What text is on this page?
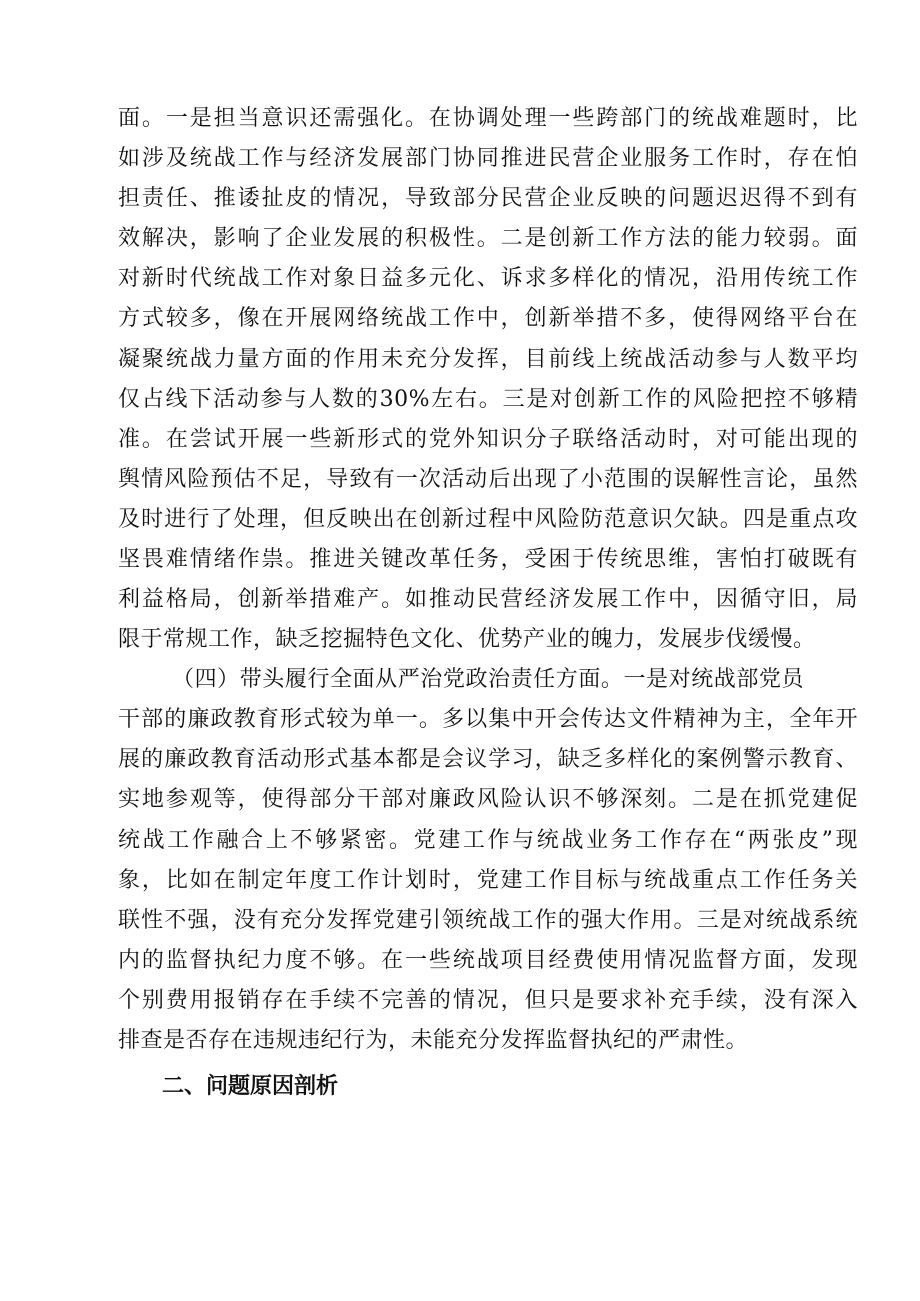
面。一是担当意识还需强化。在协调处理一些跨部门的统战难题时，比
如涉及统战工作与经济发展部门协同推进民营企业服务工作时，存在怕
担责任、推诿扯皮的情况，导致部分民营企业反映的问题迟迟得不到有
效解决，影响了企业发展的积极性。二是创新工作方法的能力较弱。面
对新时代统战工作对象日益多元化、诉求多样化的情况，沿用传统工作
方式较多，像在开展网络统战工作中，创新举措不多，使得网络平台在
凝聚统战力量方面的作用未充分发挥，目前线上统战活动参与人数平均
仅占线下活动参与人数的30%左右。三是对创新工作的风险把控不够精
准。在尝试开展一些新形式的党外知识分子联络活动时，对可能出现的
舆情风险预估不足，导致有一次活动后出现了小范围的误解性言论，虽然
及时进行了处理，但反映出在创新过程中风险防范意识欠缺。四是重点攻
坚畏难情绪作祟。推进关键改革任务，受困于传统思维，害怕打破既有
利益格局，创新举措难产。如推动民营经济发展工作中，因循守旧，局
限于常规工作，缺乏挖掘特色文化、优势产业的魄力，发展步伐缓慢。
（四）带头履行全面从严治党政治责任方面。一是对统战部党员
干部的廉政教育形式较为单一。多以集中开会传达文件精神为主，全年开
展的廉政教育活动形式基本都是会议学习，缺乏多样化的案例警示教育、
实地参观等，使得部分干部对廉政风险认识不够深刻。二是在抓党建促
统战工作融合上不够紧密。党建工作与统战业务工作存在“两张皮”现
象，比如在制定年度工作计划时，党建工作目标与统战重点工作任务关
联性不强，没有充分发挥党建引领统战工作的强大作用。三是对统战系统
内的监督执纪力度不够。在一些统战项目经费使用情况监督方面，发现
个别费用报销存在手续不完善的情况，但只是要求补充手续，没有深入
排查是否存在违规违纪行为，未能充分发挥监督执纪的严肃性。
二、问题原因剖析
